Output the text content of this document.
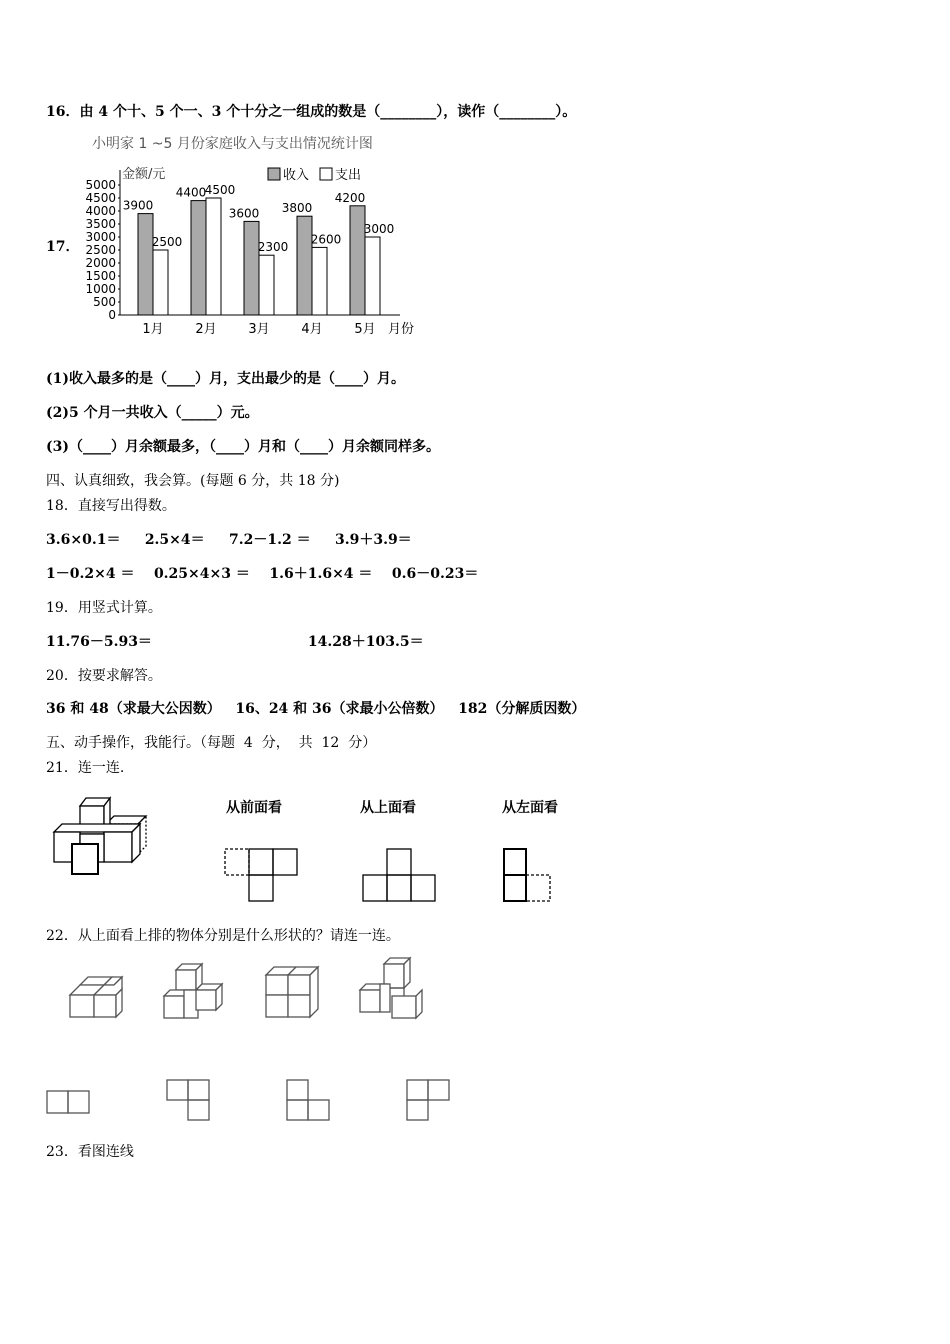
16．由 4 个十、5 个一、3 个十分之一组成的数是（________），读作（________）。
17．
小明家 1 ~5 月份家庭收入与支出情况统计图
金额/元	收入 支出
月份
0
500
1000
1500
2000
2500
3000
3500
4000
4500
5000
3900
2500
4400
4500
3600
2300
3800
2600
4200
3000
1月 2月 3月 4月 5月
(1)收入最多的是（____）月，支出最少的是（____）月。
(2)5 个月一共收入（_____）元。
(3)（____）月余额最多，（____）月和（____）月余额同样多。
四、认真细致，我会算。(每题 6 分，共 18 分)
18．直接写出得数。
3.6×0.1＝     2.5×4＝     7.2－1.2 ＝     3.9＋3.9＝
1－0.2×4 ＝    0.25×4×3 ＝    1.6＋1.6×4 ＝    0.6－0.23＝
19．用竖式计算。
11.76－5.93＝                                14.28＋103.5＝
20．按要求解答。
36 和 48（求最大公因数）   16、24 和 36（求最小公倍数）   182（分解质因数）
五、动手操作，我能行。（每题  4  分，  共  12  分）
21．连一连.
从前面看	从上面看	从左面看
22．从上面看上排的物体分别是什么形状的？请连一连。
23．看图连线
